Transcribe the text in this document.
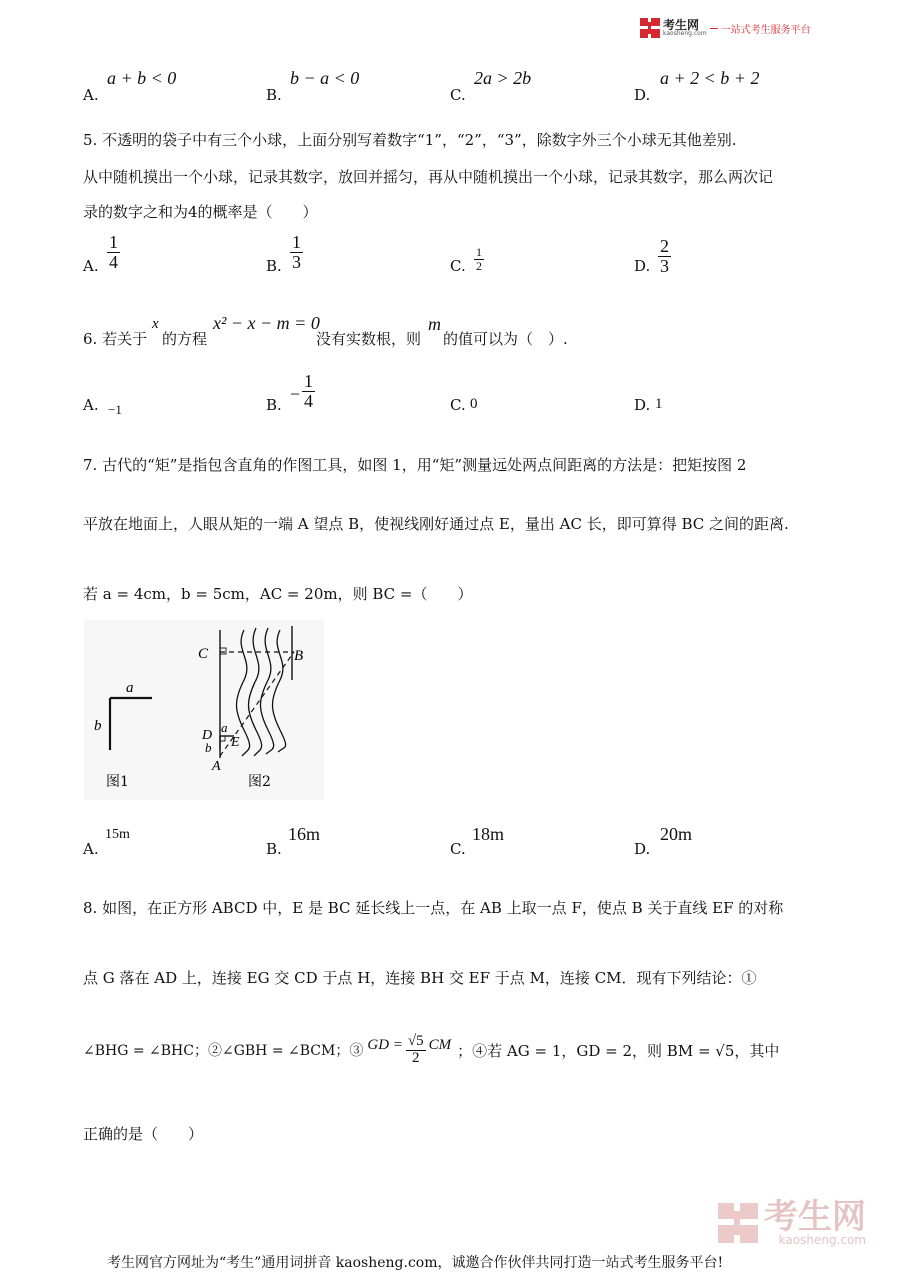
考生网
kaosheng.com 一站式考生服务平台
A.
a + b < 0
B.
b − a < 0
C.
2a > 2b
D.
a + 2 < b + 2
5. 不透明的袋子中有三个小球，上面分别写着数字“1”，“2”，“3”，除数字外三个小球无其他差别.
从中随机摸出一个小球，记录其数字，放回并摇匀，再从中随机摸出一个小球，记录其数字，那么两次记
录的数字之和为4的概率是（　　）
A. $\frac{1}{4}$	B. $\frac{1}{3}$	C. $\frac{1}{2}$	D. $\frac{2}{3}$
6. 若关于
x
的方程
x² − x − m = 0
没有实数根，则
m
的值可以为（　）.
A. −1	B.
− $\frac{1}{4}$	C. 0	D. 1
7. 古代的“矩”是指包含直角的作图工具，如图 1，用“矩”测量远处两点间距离的方法是：把矩按图 2
平放在地面上，人眼从矩的一端 A 望点 B，使视线刚好通过点 E，量出 AC 长，即可算得 BC 之间的距离.
若 a = 4cm，b = 5cm，AC = 20m，则 BC =（　　）
a
b
图1
C	B
D
a
E
b
A
图2
A.
15m
B.
16m
C.
18m
D.
20m
8. 如图，在正方形 ABCD 中，E 是 BC 延长线上一点，在 AB 上取一点 F，使点 B 关于直线 EF 的对称
点 G 落在 AD 上，连接 EG 交 CD 于点 H，连接 BH 交 EF 于点 M，连接 CM．现有下列结论：①
∠BHG = ∠BHC；②∠GBH = ∠BCM；③ GD = $\frac{√5}{2}$ CM ；④若 AG = 1，GD = 2，则 BM = √5，其中
正确的是（　　）
考生网
kaosheng.com
考生网官方网址为“考生”通用词拼音 kaosheng.com，诚邀合作伙伴共同打造一站式考生服务平台!
